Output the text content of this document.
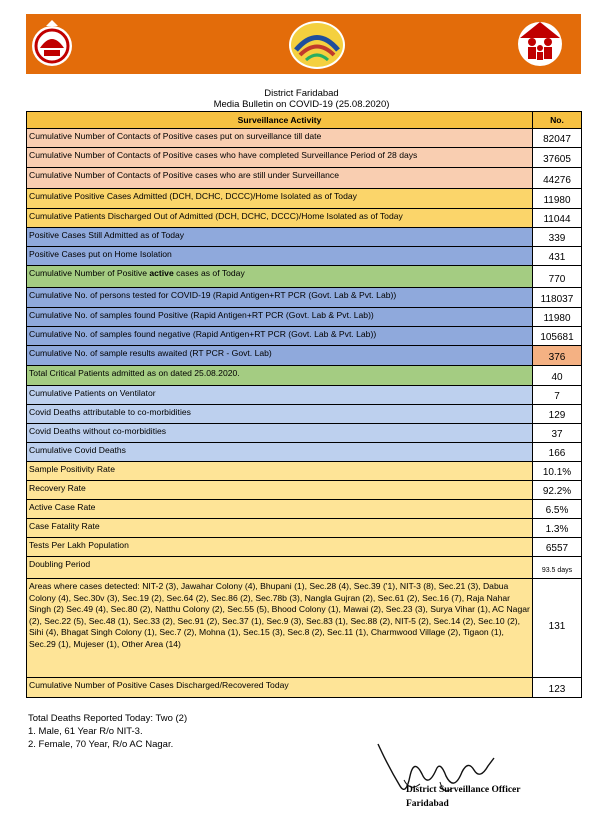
District Faridabad
Media Bulletin on COVID-19 (25.08.2020)
Surveillance Activity	No.
Cumulative Number of Contacts of Positive cases put on surveillance till date	82047
Cumulative Number of Contacts of Positive cases who have completed Surveillance Period of 28 days	37605
Cumulative Number of Contacts of Positive cases who are still under Surveillance	44276
Cumulative Positive Cases Admitted (DCH, DCHC, DCCC)/Home Isolated as of Today	11980
Cumulative Patients Discharged Out of Admitted (DCH, DCHC, DCCC)/Home Isolated as of Today	11044
Positive Cases Still Admitted as of Today	339
Positive Cases put on Home Isolation	431
Cumulative Number of Positive active cases as of Today	770
Cumulative No. of persons tested for COVID-19 (Rapid Antigen+RT PCR (Govt. Lab & Pvt. Lab))	118037
Cumulative No. of samples found Positive (Rapid Antigen+RT PCR (Govt. Lab & Pvt. Lab))	11980
Cumulative No. of samples found negative (Rapid Antigen+RT PCR (Govt. Lab & Pvt. Lab))	105681
Cumulative No. of sample results awaited (RT PCR - Govt. Lab)	376
Total Critical Patients admitted as on dated 25.08.2020.	40
Cumulative Patients on Ventilator	7
Covid Deaths attributable to co-morbidities	129
Covid Deaths without co-morbidities	37
Cumulative Covid Deaths	166
Sample Positivity Rate	10.1%
Recovery Rate	92.2%
Active Case Rate	6.5%
Case Fatality Rate	1.3%
Tests Per Lakh Population	6557
Doubling Period	93.5 days
Areas where cases detected: NIT-2 (3), Jawahar Colony (4), Bhupani (1), Sec.28 (4), Sec.39 ('1), NIT-3 (8), Sec.21 (3), Dabua Colony (4), Sec.30v (3), Sec.19 (2), Sec.64 (2), Sec.86 (2), Sec.78b (3), Nangla Gujran (2), Sec.61 (2), Sec.16 (7), Raja Nahar Singh (2) Sec.49 (4), Sec.80 (2), Natthu Colony (2), Sec.55 (5), Bhood Colony (1), Mawai (2), Sec.23 (3), Surya Vihar (1), AC Nagar (2), Sec.22 (5), Sec.48 (1), Sec.33 (2), Sec.91 (2), Sec.37 (1), Sec.9 (3), Sec.83 (1), Sec.88 (2), NIT-5 (2), Sec.14 (2), Sec.10 (2), Sihi (4), Bhagat Singh Colony (1), Sec.7 (2), Mohna (1), Sec.15 (3), Sec.8 (2), Sec.11 (1), Charmwood Village (2), Tigaon (1), Sec.29 (1), Mujeser (1), Other Area (14)	131
Cumulative Number of Positive Cases Discharged/Recovered Today	123
Total Deaths Reported Today: Two (2)
1. Male, 61 Year R/o NIT-3.
2. Female, 70 Year, R/o AC Nagar.
District Surveillance Officer
Faridabad
